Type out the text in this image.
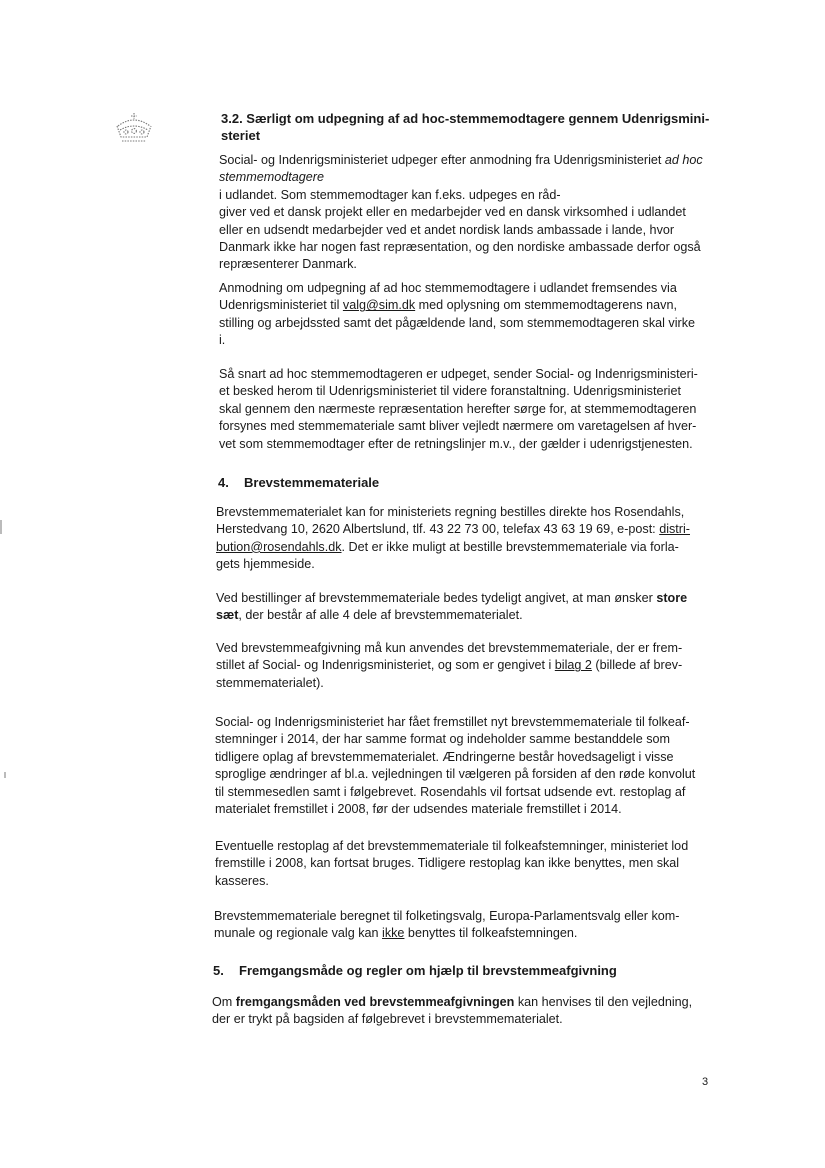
3.2. Særligt om udpegning af ad hoc-stemmemodtagere gennem Udenrigsmini-
steriet
Social- og Indenrigsministeriet udpeger efter anmodning fra Udenrigsministeriet ad hoc stemmemodtagere
i udlandet. Som stemmemodtager kan f.eks. udpeges en råd-
giver ved et dansk projekt eller en medarbejder ved en dansk virksomhed i udlandet
eller en udsendt medarbejder ved et andet nordisk lands ambassade i lande, hvor
Danmark ikke har nogen fast repræsentation, og den nordiske ambassade derfor også
repræsenterer Danmark.
Anmodning om udpegning af ad hoc stemmemodtagere i udlandet fremsendes via
Udenrigsministeriet til valg@sim.dk med oplysning om stemmemodtagerens navn,
stilling og arbejdssted samt det pågældende land, som stemmemodtageren skal virke
i.
Så snart ad hoc stemmemodtageren er udpeget, sender Social- og Indenrigsministeri-
et besked herom til Udenrigsministeriet til videre foranstaltning. Udenrigsministeriet
skal gennem den nærmeste repræsentation herefter sørge for, at stemmemodtageren
forsynes med stemmemateriale samt bliver vejledt nærmere om varetagelsen af hver-
vet som stemmemodtager efter de retningslinjer m.v., der gælder i udenrigstjenesten.
4. Brevstemmemateriale
Brevstemmematerialet kan for ministeriets regning bestilles direkte hos Rosendahls,
Herstedvang 10, 2620 Albertslund, tlf. 43 22 73 00, telefax 43 63 19 69, e-post: distri-
bution@rosendahls.dk. Det er ikke muligt at bestille brevstemmemateriale via forla-
gets hjemmeside.
Ved bestillinger af brevstemmemateriale bedes tydeligt angivet, at man ønsker store
sæt, der består af alle 4 dele af brevstemmematerialet.
Ved brevstemmeafgivning må kun anvendes det brevstemmemateriale, der er frem-
stillet af Social- og Indenrigsministeriet, og som er gengivet i bilag 2 (billede af brev-
stemmematerialet).
Social- og Indenrigsministeriet har fået fremstillet nyt brevstemmemateriale til folkeaf-
stemninger i 2014, der har samme format og indeholder samme bestanddele som
tidligere oplag af brevstemmematerialet. Ændringerne består hovedsageligt i visse
sproglige ændringer af bl.a. vejledningen til vælgeren på forsiden af den røde konvolut
til stemmesedlen samt i følgebrevet. Rosendahls vil fortsat udsende evt. restoplag af
materialet fremstillet i 2008, før der udsendes materiale fremstillet i 2014.
Eventuelle restoplag af det brevstemmemateriale til folkeafstemninger, ministeriet lod
fremstille i 2008, kan fortsat bruges. Tidligere restoplag kan ikke benyttes, men skal
kasseres.
Brevstemmemateriale beregnet til folketingsvalg, Europa-Parlamentsvalg eller kom-
munale og regionale valg kan ikke benyttes til folkeafstemningen.
5. Fremgangsmåde og regler om hjælp til brevstemmeafgivning
Om fremgangsmåden ved brevstemmeafgivningen kan henvises til den vejledning,
der er trykt på bagsiden af følgebrevet i brevstemmematerialet.
3
